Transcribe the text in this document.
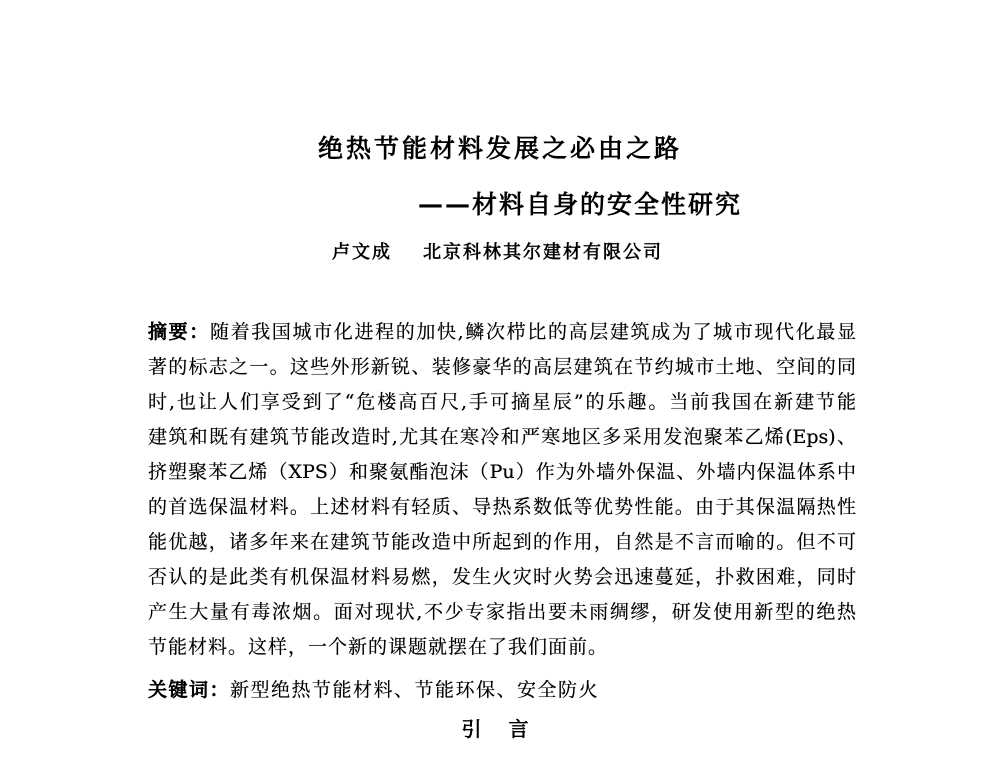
绝热节能材料发展之必由之路
——材料自身的安全性研究
卢文成 北京科林其尔建材有限公司
摘要：随着我国城市化进程的加快,鳞次栉比的高层建筑成为了城市现代化最显
著的标志之一。这些外形新锐、装修豪华的高层建筑在节约城市土地、空间的同
时,也让人们享受到了“危楼高百尺,手可摘星辰”的乐趣。当前我国在新建节能
建筑和既有建筑节能改造时,尤其在寒冷和严寒地区多采用发泡聚苯乙烯(Eps)、
挤塑聚苯乙烯（XPS）和聚氨酯泡沫（Pu）作为外墙外保温、外墙内保温体系中
的首选保温材料。上述材料有轻质、导热系数低等优势性能。由于其保温隔热性
能优越，诸多年来在建筑节能改造中所起到的作用，自然是不言而喻的。但不可
否认的是此类有机保温材料易燃，发生火灾时火势会迅速蔓延，扑救困难，同时
产生大量有毒浓烟。面对现状,不少专家指出要未雨绸缪，研发使用新型的绝热
节能材料。这样，一个新的课题就摆在了我们面前。
关键词：新型绝热节能材料、节能环保、安全防火
引 言
